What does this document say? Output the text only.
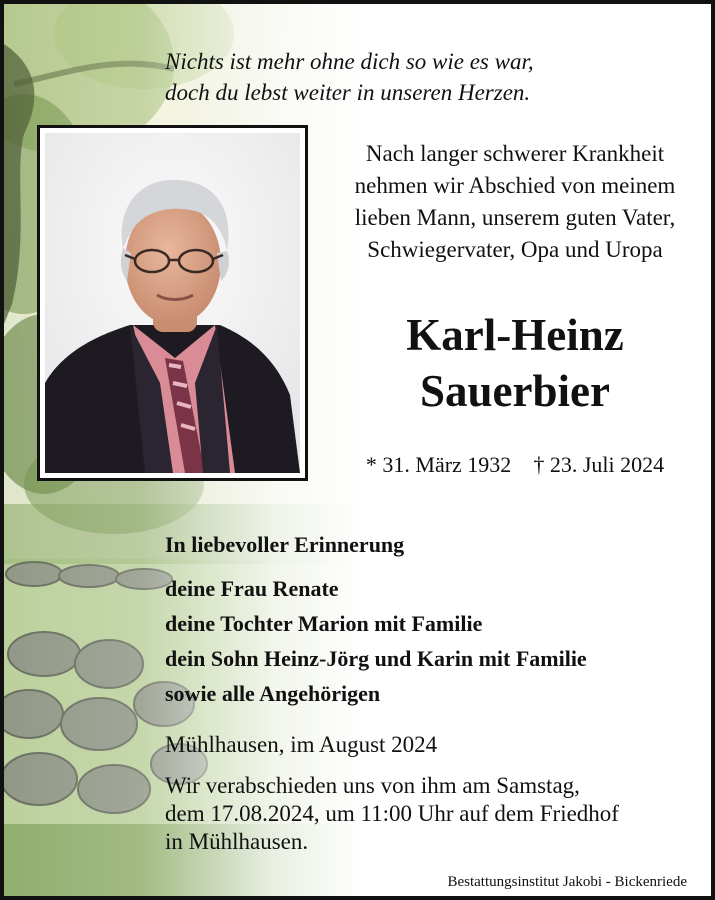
Nichts ist mehr ohne dich so wie es war,
doch du lebst weiter in unseren Herzen.
Nach langer schwerer Krankheit
nehmen wir Abschied von meinem
lieben Mann, unserem guten Vater,
Schwiegervater, Opa und Uropa
Karl-Heinz
Sauerbier
* 31. März 1932 † 23. Juli 2024
In liebevoller Erinnerung
deine Frau Renate
deine Tochter Marion mit Familie
dein Sohn Heinz-Jörg und Karin mit Familie
sowie alle Angehörigen
Mühlhausen, im August 2024
Wir verabschieden uns von ihm am Samstag,
dem 17.08.2024, um 11:00 Uhr auf dem Friedhof
in Mühlhausen.
Bestattungsinstitut Jakobi - Bickenriede
